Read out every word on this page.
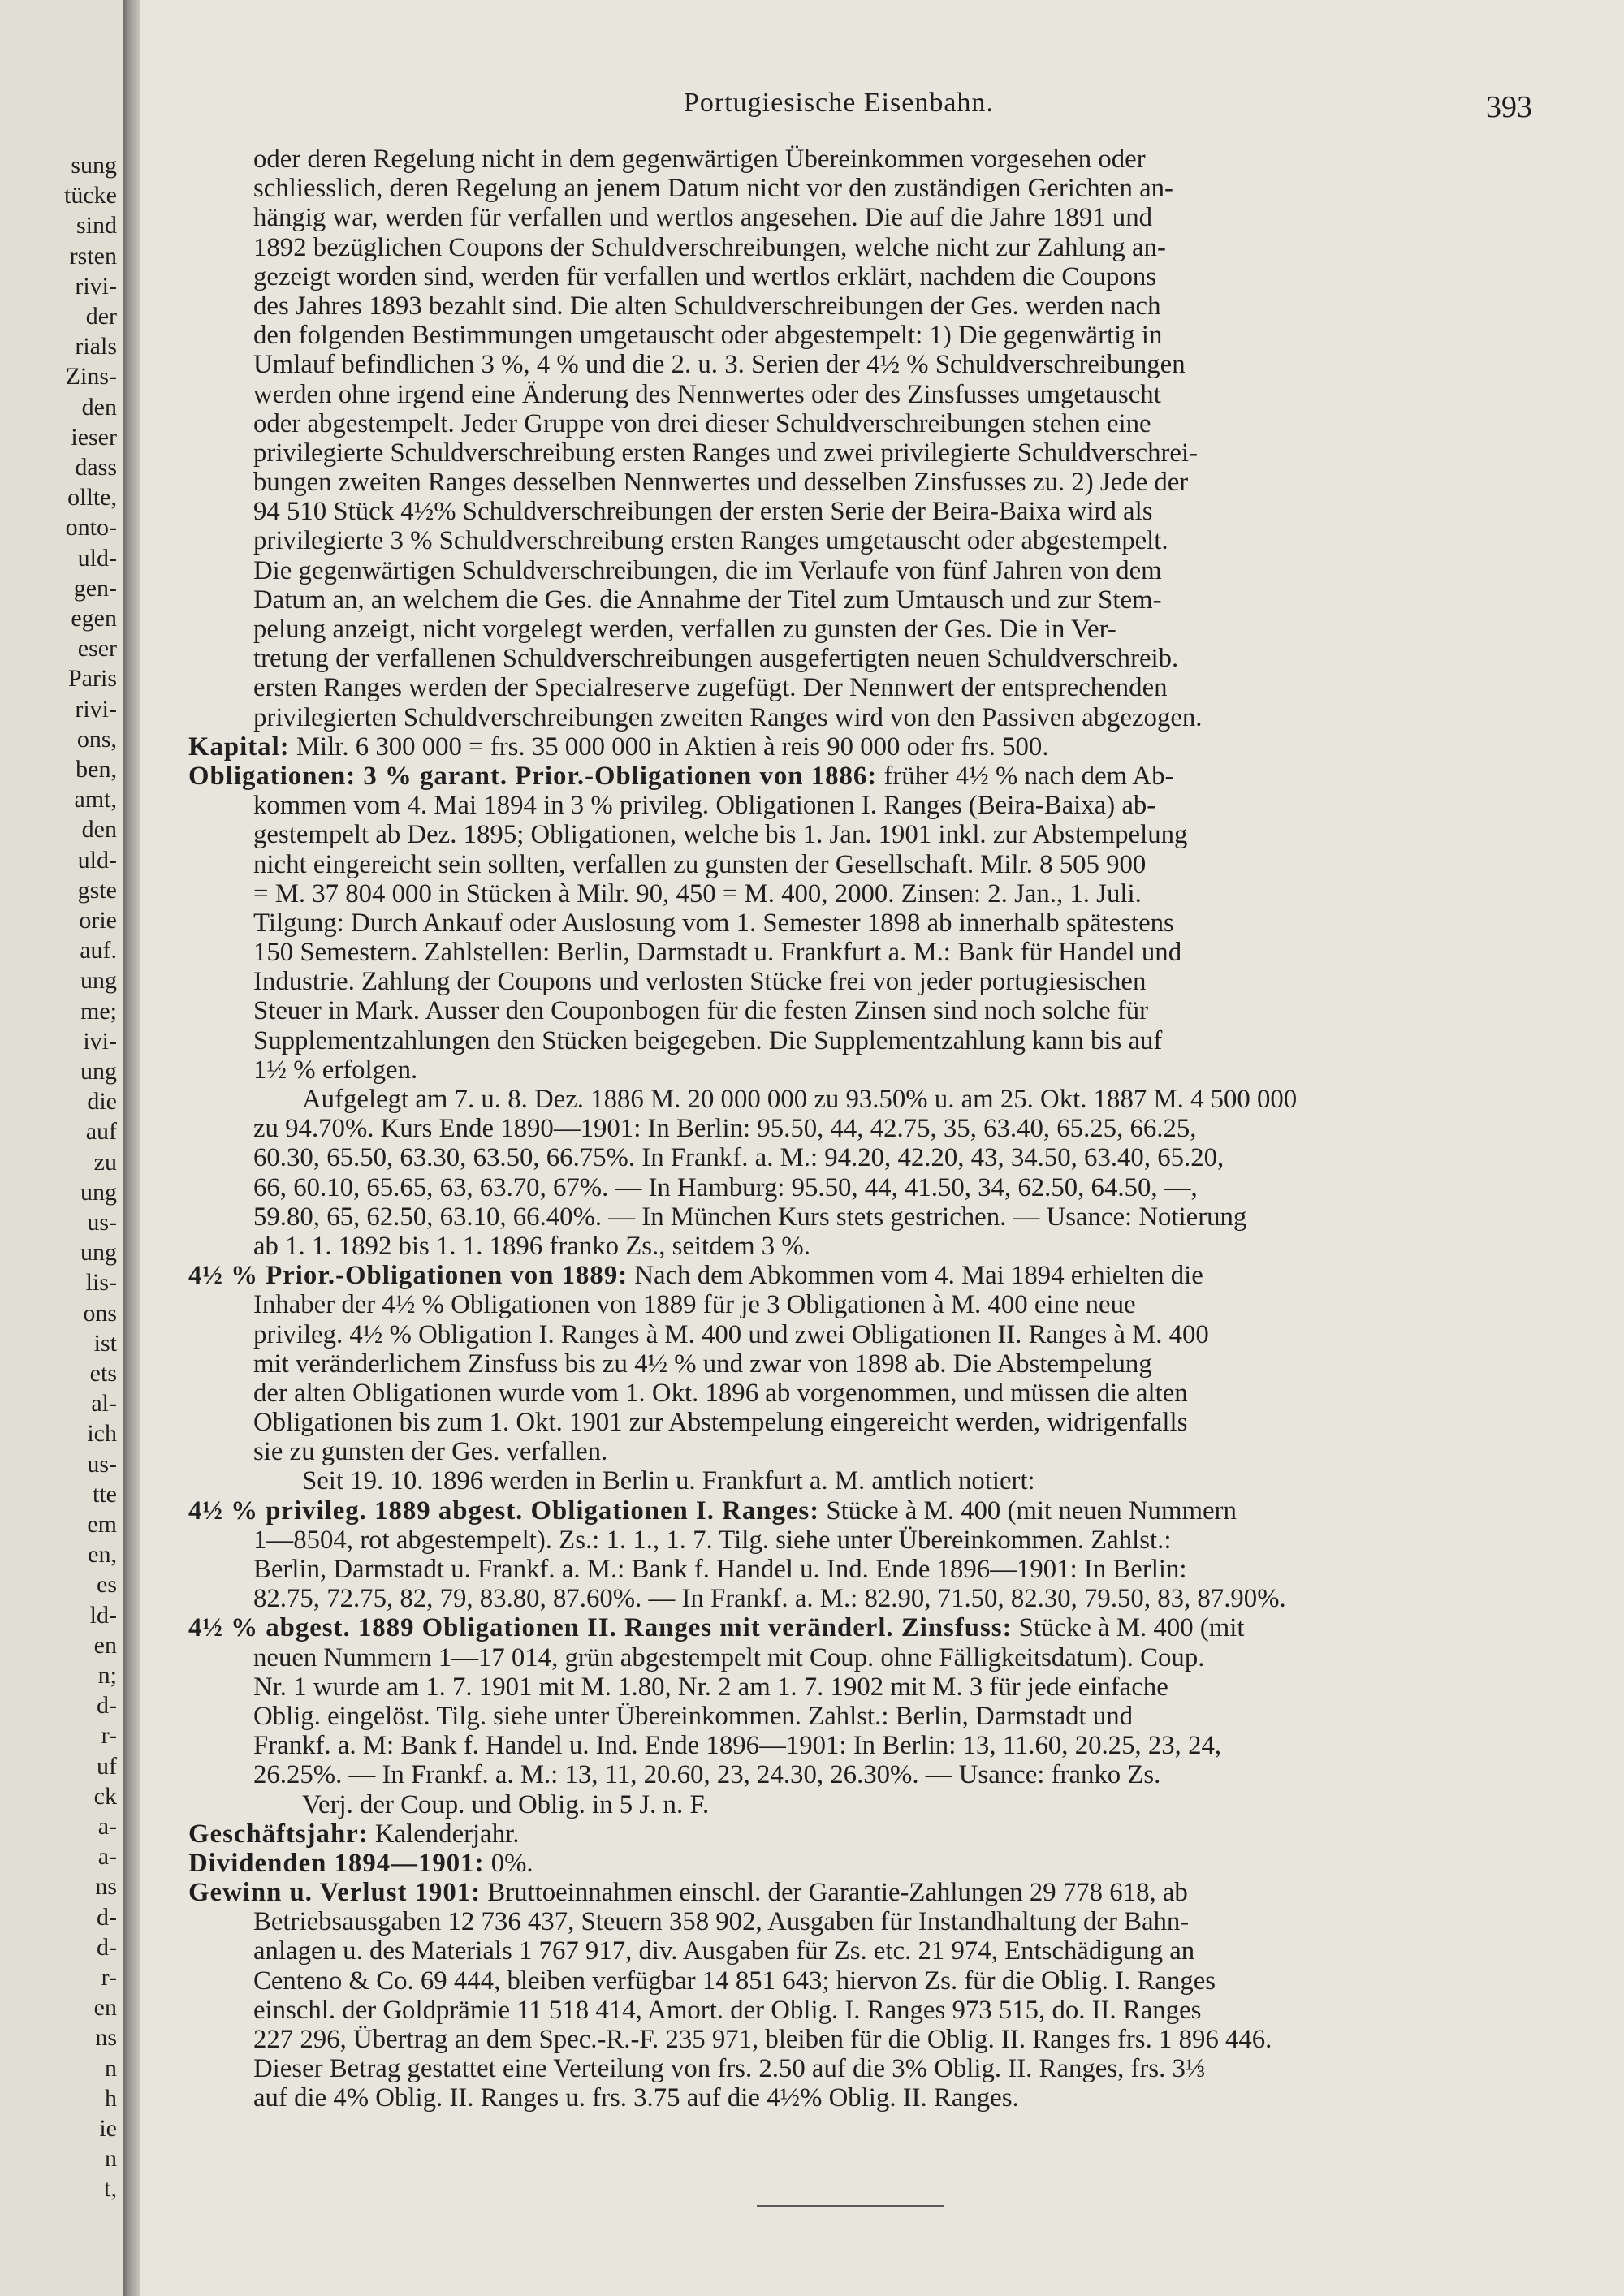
sung
tücke
sind
rsten
rivi-
der
rials
Zins-
den
ieser
dass
ollte,
onto-
uld-
gen-
egen
eser
Paris
rivi-
ons,
ben,
amt,
den
uld-
gste
orie
auf.
ung
me;
ivi-
ung
die
auf
zu
ung
us-
ung
lis-
ons
ist
ets
al-
ich
us-
tte
em
en,
es
ld-
en
n;
d-
r-
uf
ck
a-
a-
ns
d-
d-
r-
en
ns
n
h
ie
n
t,
Portugiesische Eisenbahn.	393
oder deren Regelung nicht in dem gegenwärtigen Übereinkommen vorgesehen oder
schliesslich, deren Regelung an jenem Datum nicht vor den zuständigen Gerichten an-
hängig war, werden für verfallen und wertlos angesehen. Die auf die Jahre 1891 und
1892 bezüglichen Coupons der Schuldverschreibungen, welche nicht zur Zahlung an-
gezeigt worden sind, werden für verfallen und wertlos erklärt, nachdem die Coupons
des Jahres 1893 bezahlt sind. Die alten Schuldverschreibungen der Ges. werden nach
den folgenden Bestimmungen umgetauscht oder abgestempelt: 1) Die gegenwärtig in
Umlauf befindlichen 3 %, 4 % und die 2. u. 3. Serien der 4½ % Schuldverschreibungen
werden ohne irgend eine Änderung des Nennwertes oder des Zinsfusses umgetauscht
oder abgestempelt. Jeder Gruppe von drei dieser Schuldverschreibungen stehen eine
privilegierte Schuldverschreibung ersten Ranges und zwei privilegierte Schuldverschrei-
bungen zweiten Ranges desselben Nennwertes und desselben Zinsfusses zu. 2) Jede der
94 510 Stück 4½% Schuldverschreibungen der ersten Serie der Beira-Baixa wird als
privilegierte 3 % Schuldverschreibung ersten Ranges umgetauscht oder abgestempelt.
Die gegenwärtigen Schuldverschreibungen, die im Verlaufe von fünf Jahren von dem
Datum an, an welchem die Ges. die Annahme der Titel zum Umtausch und zur Stem-
pelung anzeigt, nicht vorgelegt werden, verfallen zu gunsten der Ges. Die in Ver-
tretung der verfallenen Schuldverschreibungen ausgefertigten neuen Schuldverschreib.
ersten Ranges werden der Specialreserve zugefügt. Der Nennwert der entsprechenden
privilegierten Schuldverschreibungen zweiten Ranges wird von den Passiven abgezogen.
Kapital: Milr. 6 300 000 = frs. 35 000 000 in Aktien à reis 90 000 oder frs. 500.
Obligationen: 3 % garant. Prior.-Obligationen von 1886: früher 4½ % nach dem Ab-
kommen vom 4. Mai 1894 in 3 % privileg. Obligationen I. Ranges (Beira-Baixa) ab-
gestempelt ab Dez. 1895; Obligationen, welche bis 1. Jan. 1901 inkl. zur Abstempelung
nicht eingereicht sein sollten, verfallen zu gunsten der Gesellschaft. Milr. 8 505 900
= M. 37 804 000 in Stücken à Milr. 90, 450 = M. 400, 2000. Zinsen: 2. Jan., 1. Juli.
Tilgung: Durch Ankauf oder Auslosung vom 1. Semester 1898 ab innerhalb spätestens
150 Semestern. Zahlstellen: Berlin, Darmstadt u. Frankfurt a. M.: Bank für Handel und
Industrie. Zahlung der Coupons und verlosten Stücke frei von jeder portugiesischen
Steuer in Mark. Ausser den Couponbogen für die festen Zinsen sind noch solche für
Supplementzahlungen den Stücken beigegeben. Die Supplementzahlung kann bis auf
1½ % erfolgen.
Aufgelegt am 7. u. 8. Dez. 1886 M. 20 000 000 zu 93.50% u. am 25. Okt. 1887 M. 4 500 000
zu 94.70%. Kurs Ende 1890—1901: In Berlin: 95.50, 44, 42.75, 35, 63.40, 65.25, 66.25,
60.30, 65.50, 63.30, 63.50, 66.75%. In Frankf. a. M.: 94.20, 42.20, 43, 34.50, 63.40, 65.20,
66, 60.10, 65.65, 63, 63.70, 67%. — In Hamburg: 95.50, 44, 41.50, 34, 62.50, 64.50, —,
59.80, 65, 62.50, 63.10, 66.40%. — In München Kurs stets gestrichen. — Usance: Notierung
ab 1. 1. 1892 bis 1. 1. 1896 franko Zs., seitdem 3 %.
4½ % Prior.-Obligationen von 1889: Nach dem Abkommen vom 4. Mai 1894 erhielten die
Inhaber der 4½ % Obligationen von 1889 für je 3 Obligationen à M. 400 eine neue
privileg. 4½ % Obligation I. Ranges à M. 400 und zwei Obligationen II. Ranges à M. 400
mit veränderlichem Zinsfuss bis zu 4½ % und zwar von 1898 ab. Die Abstempelung
der alten Obligationen wurde vom 1. Okt. 1896 ab vorgenommen, und müssen die alten
Obligationen bis zum 1. Okt. 1901 zur Abstempelung eingereicht werden, widrigenfalls
sie zu gunsten der Ges. verfallen.
Seit 19. 10. 1896 werden in Berlin u. Frankfurt a. M. amtlich notiert:
4½ % privileg. 1889 abgest. Obligationen I. Ranges: Stücke à M. 400 (mit neuen Nummern
1—8504, rot abgestempelt). Zs.: 1. 1., 1. 7. Tilg. siehe unter Übereinkommen. Zahlst.:
Berlin, Darmstadt u. Frankf. a. M.: Bank f. Handel u. Ind. Ende 1896—1901: In Berlin:
82.75, 72.75, 82, 79, 83.80, 87.60%. — In Frankf. a. M.: 82.90, 71.50, 82.30, 79.50, 83, 87.90%.
4½ % abgest. 1889 Obligationen II. Ranges mit veränderl. Zinsfuss: Stücke à M. 400 (mit
neuen Nummern 1—17 014, grün abgestempelt mit Coup. ohne Fälligkeitsdatum). Coup.
Nr. 1 wurde am 1. 7. 1901 mit M. 1.80, Nr. 2 am 1. 7. 1902 mit M. 3 für jede einfache
Oblig. eingelöst. Tilg. siehe unter Übereinkommen. Zahlst.: Berlin, Darmstadt und
Frankf. a. M: Bank f. Handel u. Ind. Ende 1896—1901: In Berlin: 13, 11.60, 20.25, 23, 24,
26.25%. — In Frankf. a. M.: 13, 11, 20.60, 23, 24.30, 26.30%. — Usance: franko Zs.
Verj. der Coup. und Oblig. in 5 J. n. F.
Geschäftsjahr: Kalenderjahr.
Dividenden 1894—1901: 0%.
Gewinn u. Verlust 1901: Bruttoeinnahmen einschl. der Garantie-Zahlungen 29 778 618, ab
Betriebsausgaben 12 736 437, Steuern 358 902, Ausgaben für Instandhaltung der Bahn-
anlagen u. des Materials 1 767 917, div. Ausgaben für Zs. etc. 21 974, Entschädigung an
Centeno & Co. 69 444, bleiben verfügbar 14 851 643; hiervon Zs. für die Oblig. I. Ranges
einschl. der Goldprämie 11 518 414, Amort. der Oblig. I. Ranges 973 515, do. II. Ranges
227 296, Übertrag an dem Spec.-R.-F. 235 971, bleiben für die Oblig. II. Ranges frs. 1 896 446.
Dieser Betrag gestattet eine Verteilung von frs. 2.50 auf die 3% Oblig. II. Ranges, frs. 3⅓
auf die 4% Oblig. II. Ranges u. frs. 3.75 auf die 4½% Oblig. II. Ranges.
